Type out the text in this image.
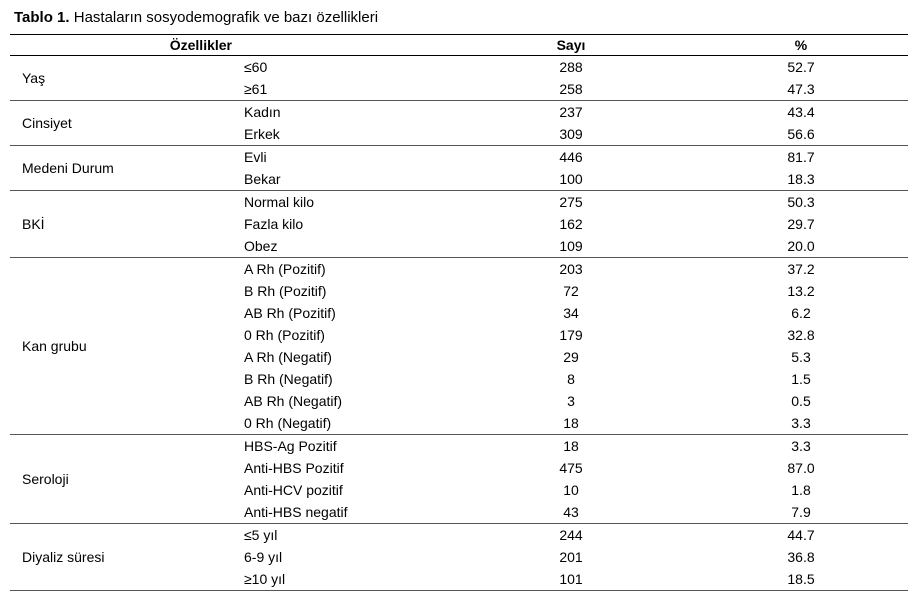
Tablo 1. Hastaların sosyodemografik ve bazı özellikleri
Özellikler		Sayı	%
Yaş	≤60	288	52.7
	≥61	258	47.3
Cinsiyet	Kadın	237	43.4
	Erkek	309	56.6
Medeni Durum	Evli	446	81.7
	Bekar	100	18.3
BKİ	Normal kilo	275	50.3
	Fazla kilo	162	29.7
	Obez	109	20.0
Kan grubu	A Rh (Pozitif)	203	37.2
	B Rh (Pozitif)	72	13.2
	AB Rh (Pozitif)	34	6.2
	0 Rh (Pozitif)	179	32.8
	A Rh (Negatif)	29	5.3
	B Rh (Negatif)	8	1.5
	AB Rh (Negatif)	3	0.5
	0 Rh (Negatif)	18	3.3
Seroloji	HBS-Ag Pozitif	18	3.3
	Anti-HBS Pozitif	475	87.0
	Anti-HCV pozitif	10	1.8
	Anti-HBS negatif	43	7.9
Diyaliz süresi	≤5 yıl	244	44.7
	6-9 yıl	201	36.8
	≥10 yıl	101	18.5
